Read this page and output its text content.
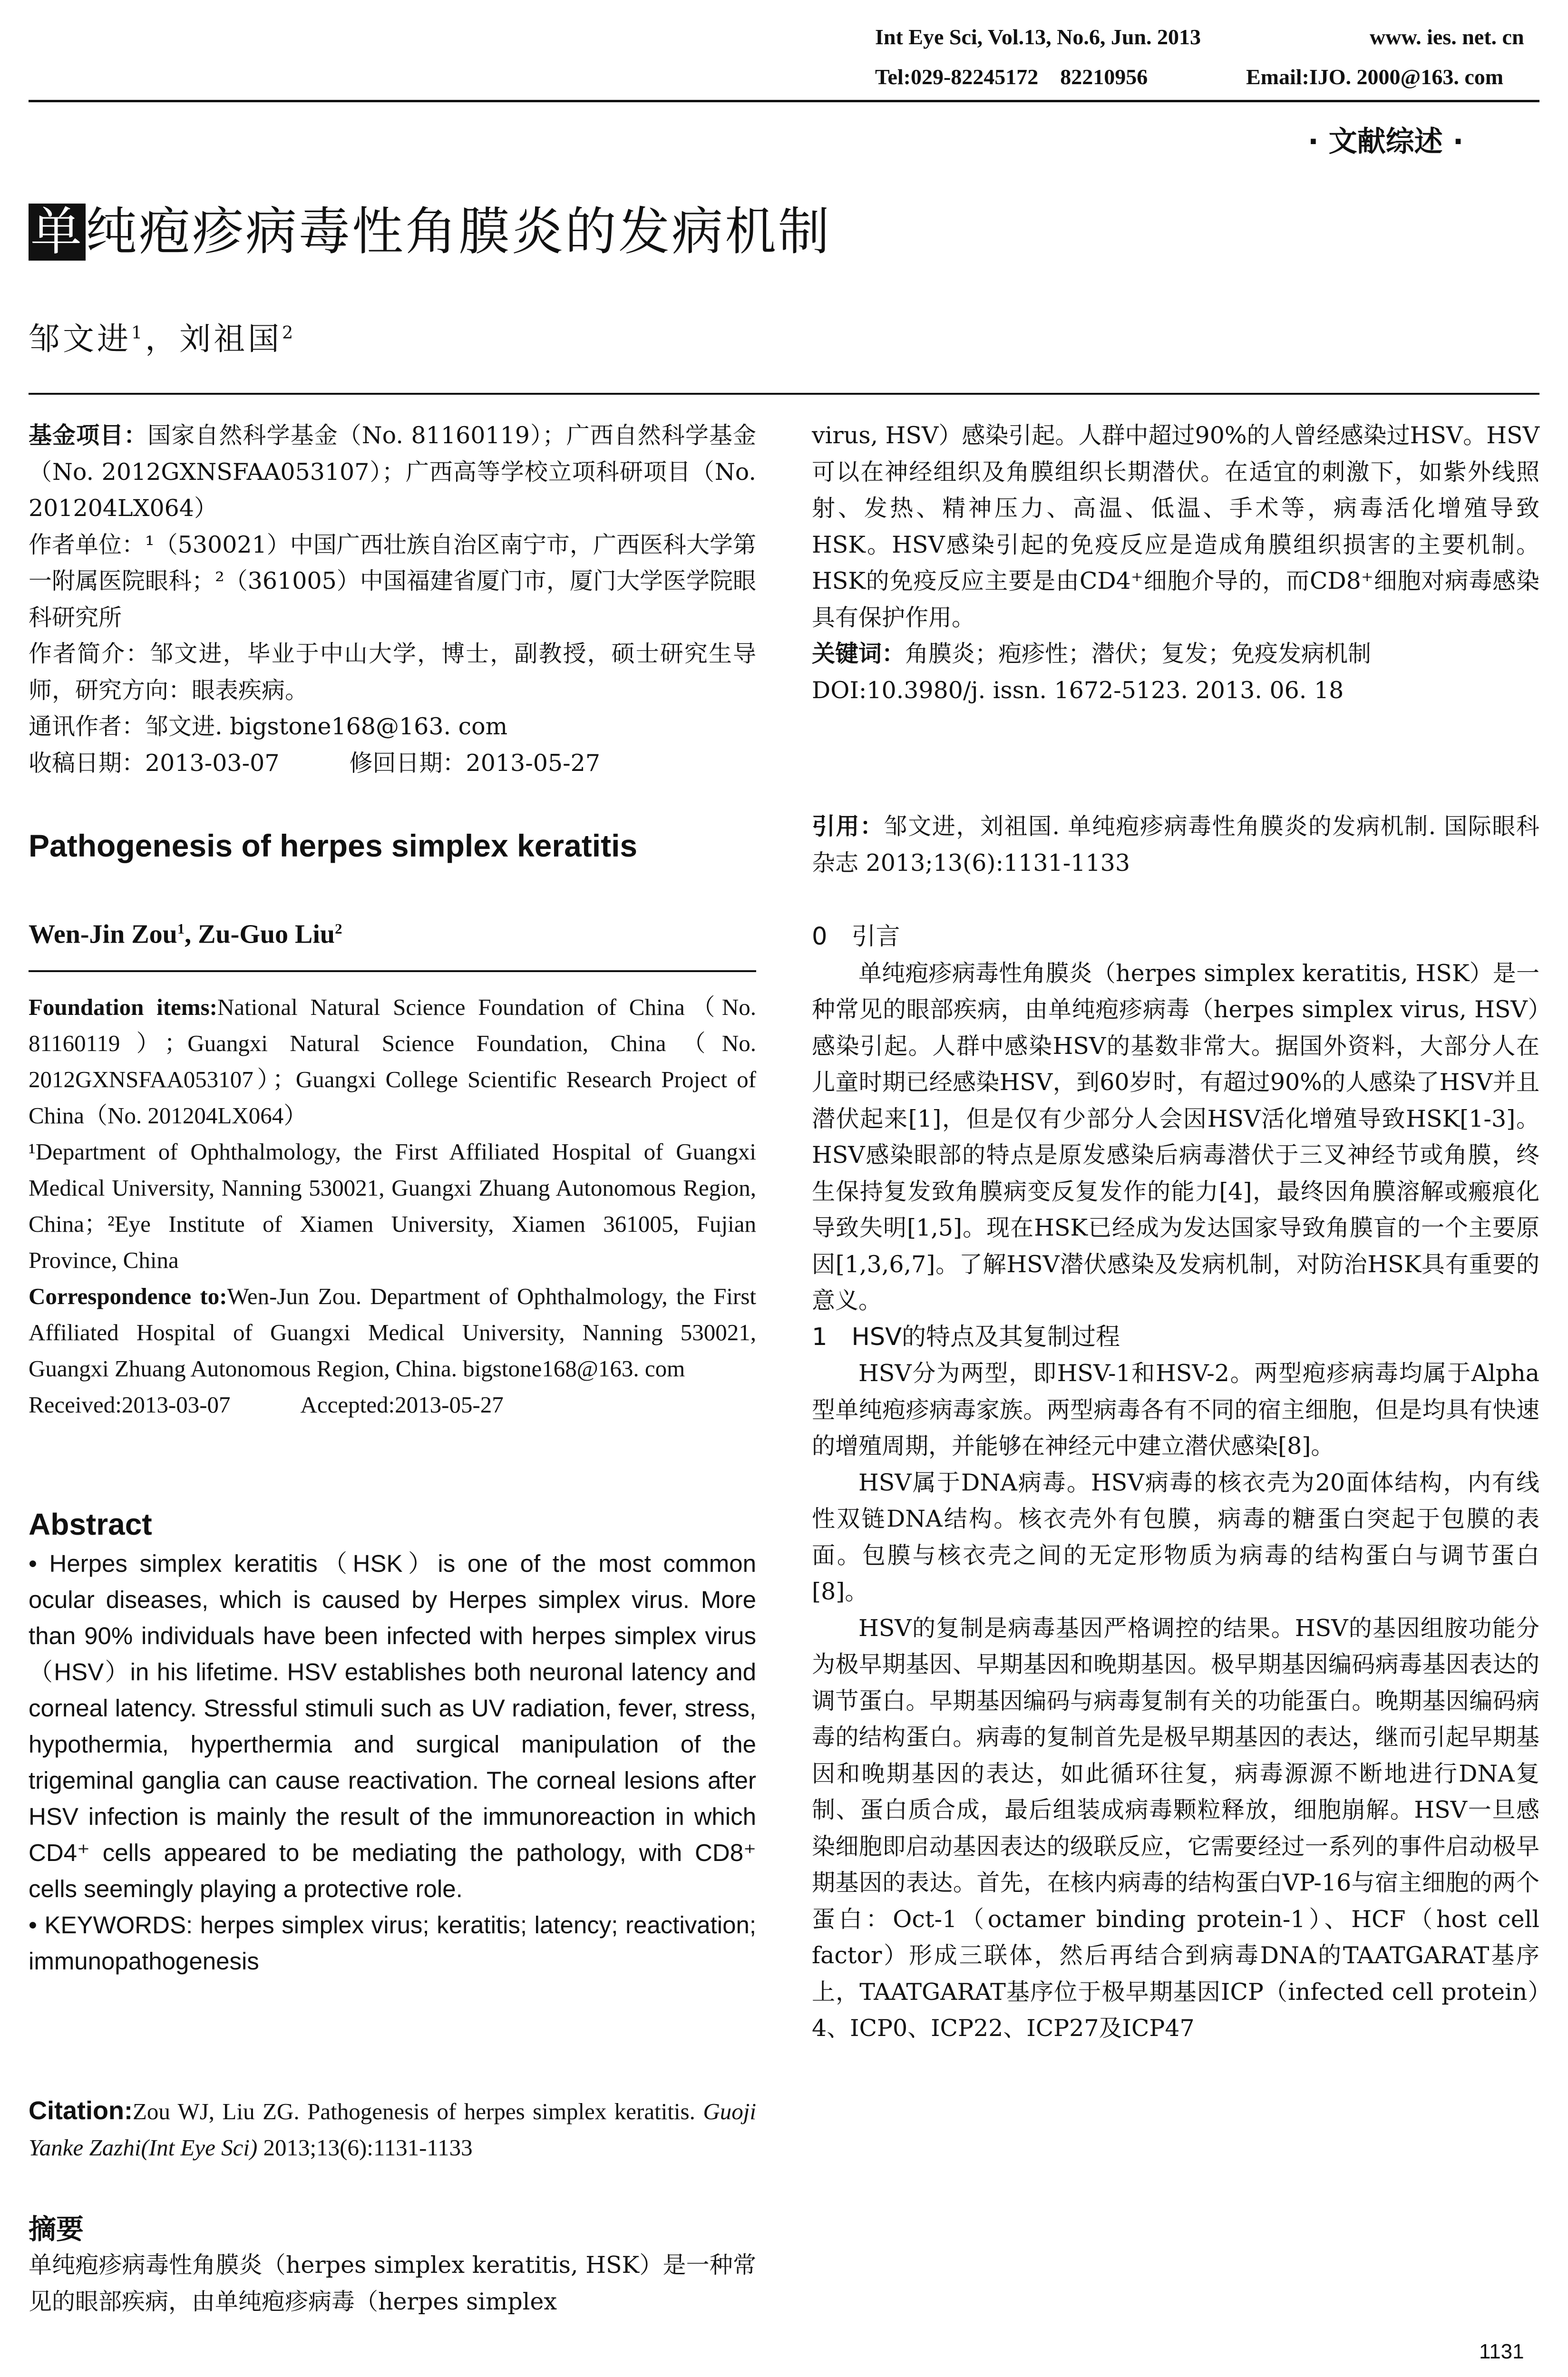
Int Eye Sci, Vol.13, No.6, Jun. 2013	www. ies. net. cn
Tel:029-82245172　82210956	Email:IJO. 2000@163. com
· 文献综述 ·
单纯疱疹病毒性角膜炎的发病机制
邹文进$^1$，刘祖国$^2$

基金项目：国家自然科学基金（No. 81160119）；广西自然科学基金（No. 2012GXNSFAA053107）；广西高等学校立项科研项目（No. 201204LX064）

作者单位：¹（530021）中国广西壮族自治区南宁市，广西医科大学第一附属医院眼科；²（361005）中国福建省厦门市，厦门大学医学院眼科研究所

作者简介：邹文进，毕业于中山大学，博士，副教授，硕士研究生导师，研究方向：眼表疾病。

通讯作者：邹文进. bigstone168@163. com

收稿日期：2013-03-07　　　修回日期：2013-05-27

Pathogenesis of herpes simplex keratitis
Wen-Jin Zou$^1$, Zu-Guo Liu$^2$

Foundation items:National Natural Science Foundation of China（No. 81160119）；Guangxi Natural Science Foundation, China（No. 2012GXNSFAA053107）；Guangxi College Scientific Research Project of China（No. 201204LX064）

¹Department of Ophthalmology, the First Affiliated Hospital of Guangxi Medical University, Nanning 530021, Guangxi Zhuang Autonomous Region, China；²Eye Institute of Xiamen University, Xiamen 361005, Fujian Province, China

Correspondence to:Wen-Jun Zou. Department of Ophthalmology, the First Affiliated Hospital of Guangxi Medical University, Nanning 530021, Guangxi Zhuang Autonomous Region, China. bigstone168@163. com

Received:2013-03-07　　　Accepted:2013-05-27

Abstract

• Herpes simplex keratitis（HSK）is one of the most common ocular diseases, which is caused by Herpes simplex virus. More than 90% individuals have been infected with herpes simplex virus（HSV）in his lifetime. HSV establishes both neuronal latency and corneal latency. Stressful stimuli such as UV radiation, fever, stress, hypothermia, hyperthermia and surgical manipulation of the trigeminal ganglia can cause reactivation. The corneal lesions after HSV infection is mainly the result of the immunoreaction in which CD4⁺ cells appeared to be mediating the pathology, with CD8⁺ cells seemingly playing a protective role.

• KEYWORDS: herpes simplex virus; keratitis; latency; reactivation; immunopathogenesis

Citation:Zou WJ, Liu ZG. Pathogenesis of herpes simplex keratitis. Guoji Yanke Zazhi(Int Eye Sci) 2013;13(6):1131-1133

摘要

单纯疱疹病毒性角膜炎（herpes simplex keratitis, HSK）是一种常见的眼部疾病，由单纯疱疹病毒（herpes simplex

virus, HSV）感染引起。人群中超过90%的人曾经感染过HSV。HSV可以在神经组织及角膜组织长期潜伏。在适宜的刺激下，如紫外线照射、发热、精神压力、高温、低温、手术等，病毒活化增殖导致HSK。HSV感染引起的免疫反应是造成角膜组织损害的主要机制。HSK的免疫反应主要是由CD4⁺细胞介导的，而CD8⁺细胞对病毒感染具有保护作用。

关键词：角膜炎；疱疹性；潜伏；复发；免疫发病机制

DOI:10.3980/j. issn. 1672-5123. 2013. 06. 18

引用：邹文进，刘祖国. 单纯疱疹病毒性角膜炎的发病机制. 国际眼科杂志 2013;13(6):1131-1133

0　引言

单纯疱疹病毒性角膜炎（herpes simplex keratitis, HSK）是一种常见的眼部疾病，由单纯疱疹病毒（herpes simplex virus, HSV）感染引起。人群中感染HSV的基数非常大。据国外资料，大部分人在儿童时期已经感染HSV，到60岁时，有超过90%的人感染了HSV并且潜伏起来[1]，但是仅有少部分人会因HSV活化增殖导致HSK[1-3]。HSV感染眼部的特点是原发感染后病毒潜伏于三叉神经节或角膜，终生保持复发致角膜病变反复发作的能力[4]，最终因角膜溶解或瘢痕化导致失明[1,5]。现在HSK已经成为发达国家导致角膜盲的一个主要原因[1,3,6,7]。了解HSV潜伏感染及发病机制，对防治HSK具有重要的意义。

1　HSV的特点及其复制过程

HSV分为两型，即HSV-1和HSV-2。两型疱疹病毒均属于Alpha型单纯疱疹病毒家族。两型病毒各有不同的宿主细胞，但是均具有快速的增殖周期，并能够在神经元中建立潜伏感染[8]。

HSV属于DNA病毒。HSV病毒的核衣壳为20面体结构，内有线性双链DNA结构。核衣壳外有包膜，病毒的糖蛋白突起于包膜的表面。包膜与核衣壳之间的无定形物质为病毒的结构蛋白与调节蛋白[8]。

HSV的复制是病毒基因严格调控的结果。HSV的基因组胺功能分为极早期基因、早期基因和晚期基因。极早期基因编码病毒基因表达的调节蛋白。早期基因编码与病毒复制有关的功能蛋白。晚期基因编码病毒的结构蛋白。病毒的复制首先是极早期基因的表达，继而引起早期基因和晚期基因的表达，如此循环往复，病毒源源不断地进行DNA复制、蛋白质合成，最后组装成病毒颗粒释放，细胞崩解。HSV一旦感染细胞即启动基因表达的级联反应，它需要经过一系列的事件启动极早期基因的表达。首先，在核内病毒的结构蛋白VP-16与宿主细胞的两个蛋白：Oct-1（octamer binding protein-1）、HCF（host cell factor）形成三联体，然后再结合到病毒DNA的TAATGARAT基序上，TAATGARAT基序位于极早期基因ICP（infected cell protein）4、ICP0、ICP22、ICP27及ICP47

1131
